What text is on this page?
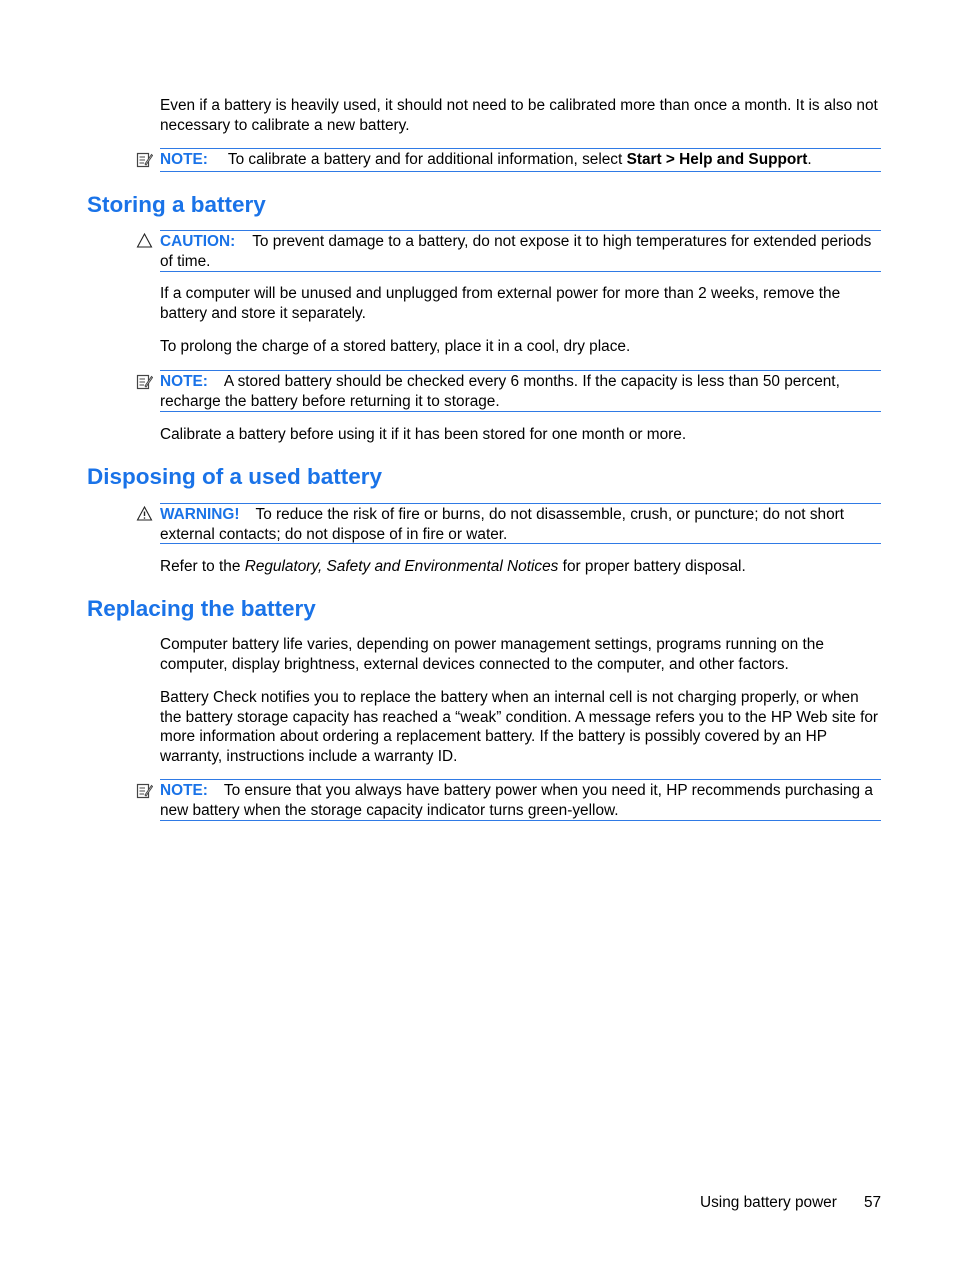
Even if a battery is heavily used, it should not need to be calibrated more than once a month. It is also not necessary to calibrate a new battery.

NOTE: To calibrate a battery and for additional information, select Start > Help and Support.
Storing a battery
CAUTION: To prevent damage to a battery, do not expose it to high temperatures for extended periods of time.

If a computer will be unused and unplugged from external power for more than 2 weeks, remove the battery and store it separately.

To prolong the charge of a stored battery, place it in a cool, dry place.

NOTE: A stored battery should be checked every 6 months. If the capacity is less than 50 percent, recharge the battery before returning it to storage.

Calibrate a battery before using it if it has been stored for one month or more.

Disposing of a used battery
WARNING! To reduce the risk of fire or burns, do not disassemble, crush, or puncture; do not short external contacts; do not dispose of in fire or water.

Refer to the Regulatory, Safety and Environmental Notices for proper battery disposal.

Replacing the battery

Computer battery life varies, depending on power management settings, programs running on the computer, display brightness, external devices connected to the computer, and other factors.

Battery Check notifies you to replace the battery when an internal cell is not charging properly, or when the battery storage capacity has reached a “weak” condition. A message refers you to the HP Web site for more information about ordering a replacement battery. If the battery is possibly covered by an HP warranty, instructions include a warranty ID.

NOTE: To ensure that you always have battery power when you need it, HP recommends purchasing a new battery when the storage capacity indicator turns green-yellow.
Using battery power 57
